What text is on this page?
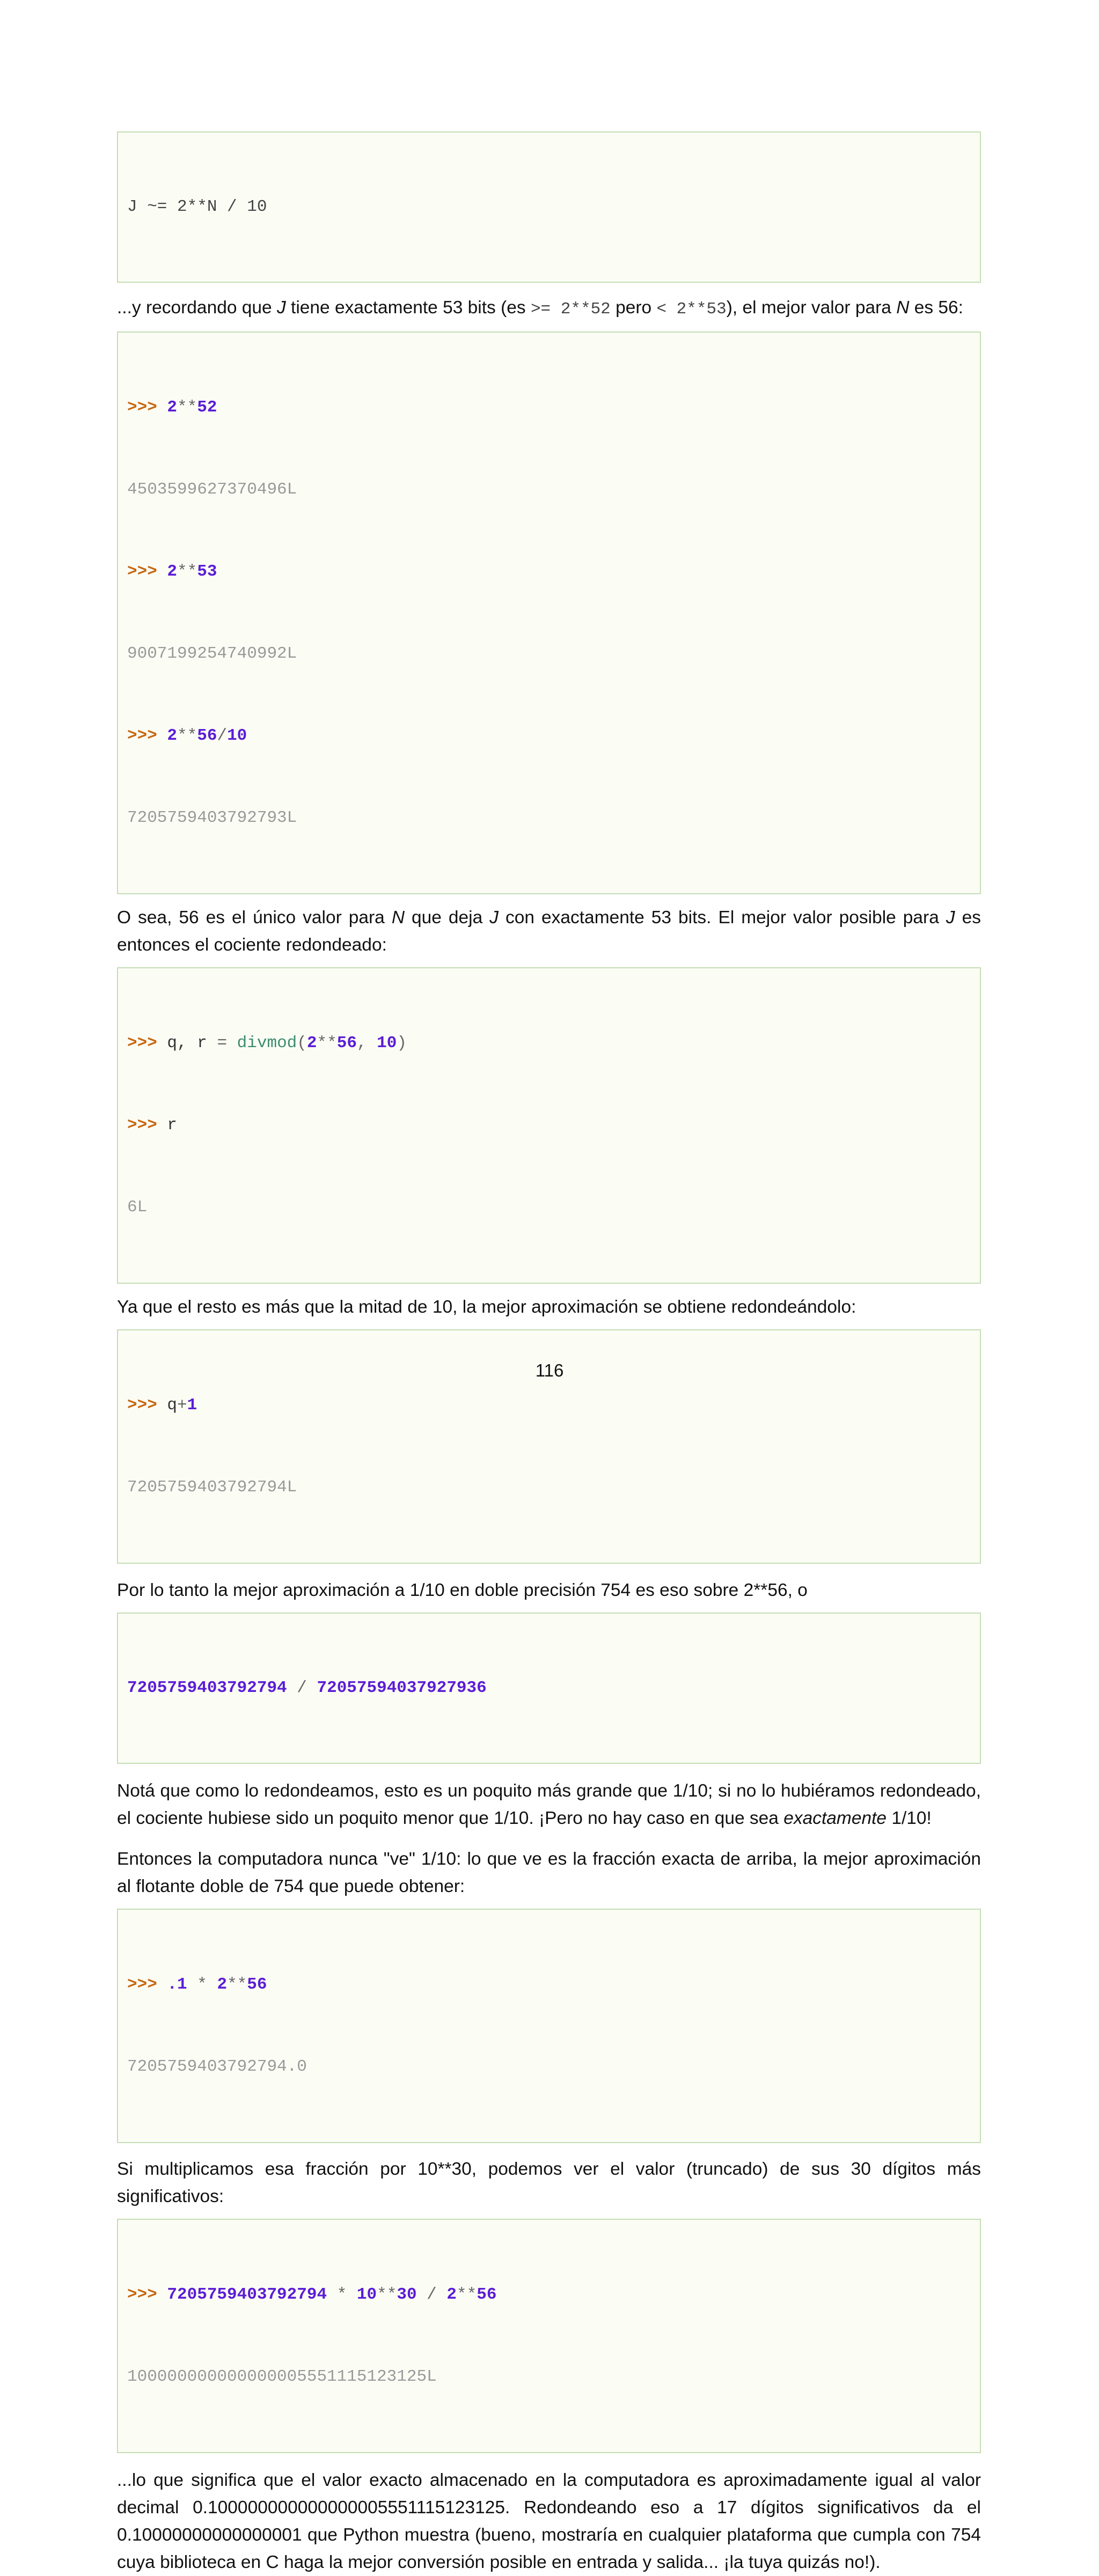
J ~= 2**N / 10

...y recordando que J tiene exactamente 53 bits (es >= 2**52 pero < 2**53), el mejor valor para N es 56:

>>> 2**52

4503599627370496L

>>> 2**53

9007199254740992L

>>> 2**56/10

7205759403792793L

O sea, 56 es el único valor para N que deja J con exactamente 53 bits. El mejor valor posible para J es entonces el cociente redondeado:

>>> q, r = divmod(2**56, 10)

>>> r

6L

Ya que el resto es más que la mitad de 10, la mejor aproximación se obtiene redondeándolo:

>>> q+1

7205759403792794L

Por lo tanto la mejor aproximación a 1/10 en doble precisión 754 es eso sobre 2**56, o

7205759403792794 / 72057594037927936

Notá que como lo redondeamos, esto es un poquito más grande que 1/10; si no lo hubiéramos redondeado, el cociente hubiese sido un poquito menor que 1/10. ¡Pero no hay caso en que sea exactamente 1/10!

Entonces la computadora nunca "ve" 1/10: lo que ve es la fracción exacta de arriba, la mejor aproximación al flotante doble de 754 que puede obtener:

>>> .1 * 2**56

7205759403792794.0

Si multiplicamos esa fracción por 10**30, podemos ver el valor (truncado) de sus 30 dígitos más significativos:

>>> 7205759403792794 * 10**30 / 2**56

100000000000000005551115123125L

...lo que significa que el valor exacto almacenado en la computadora es aproximadamente igual al valor decimal 0.100000000000000005551115123125. Redondeando eso a 17 dígitos significativos da el 0.10000000000000001 que Python muestra (bueno, mostraría en cualquier plataforma que cumpla con 754 cuya biblioteca en C haga la mejor conversión posible en entrada y salida... ¡la tuya quizás no!).

116
